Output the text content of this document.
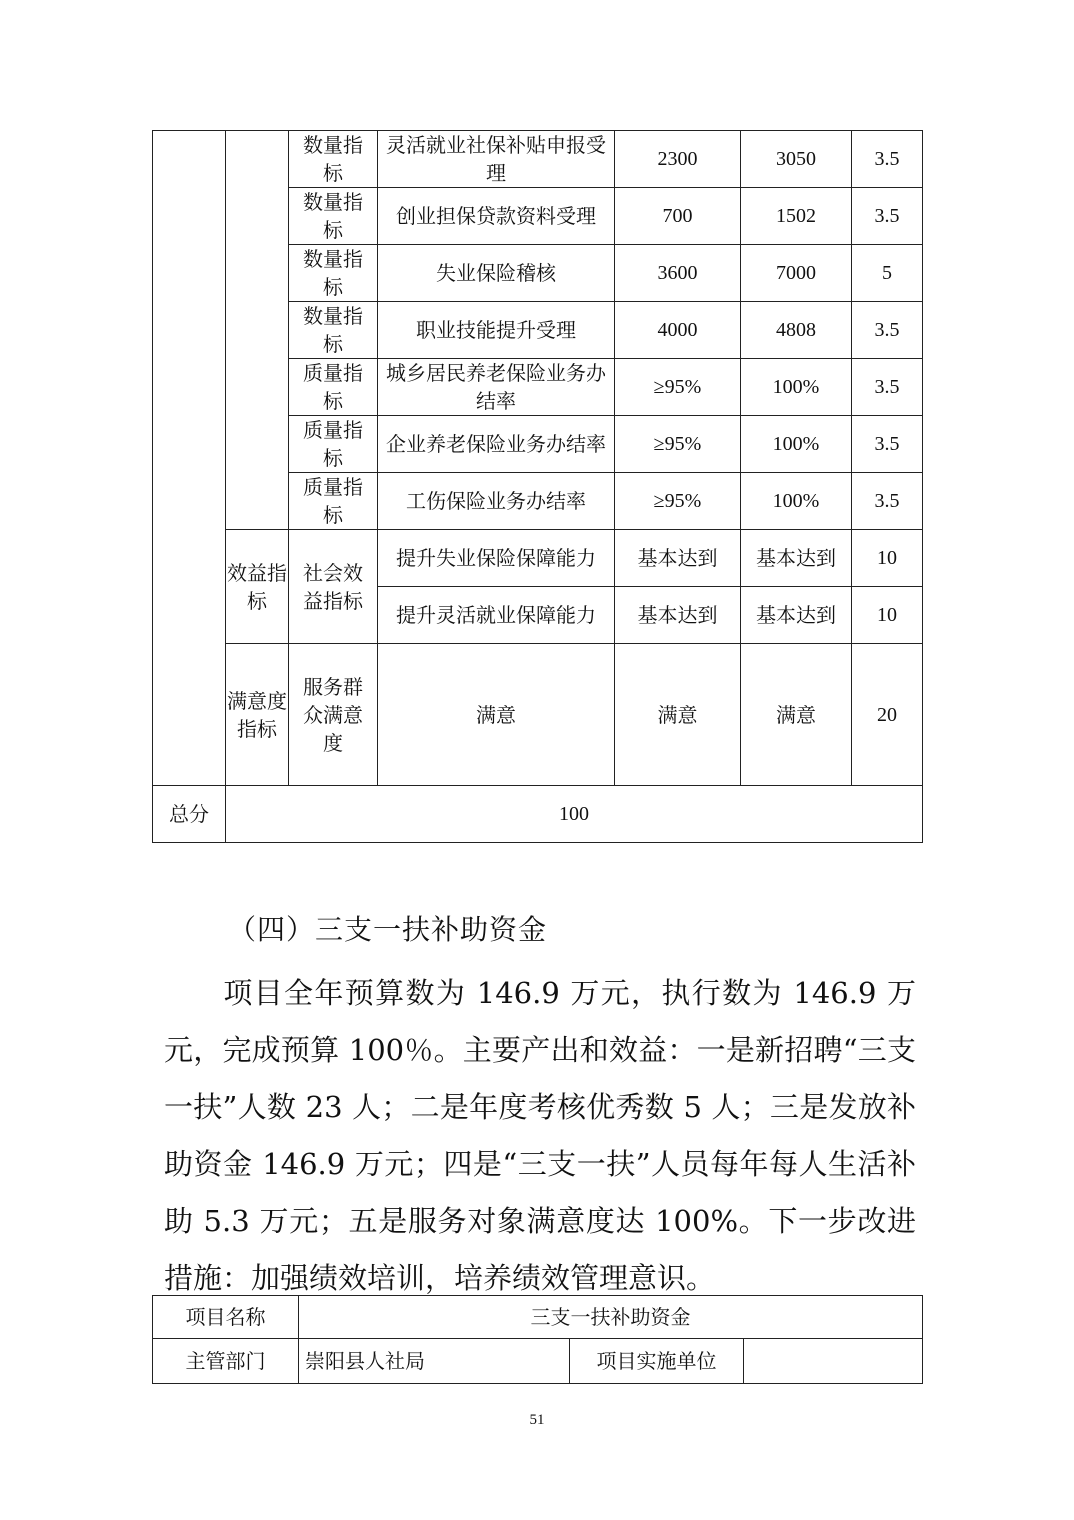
		数量指标	灵活就业社保补贴申报受理	2300	3050	3.5
		数量指标	创业担保贷款资料受理	700	1502	3.5
		数量指标	失业保险稽核	3600	7000	5
		数量指标	职业技能提升受理	4000	4808	3.5
		质量指标	城乡居民养老保险业务办结率	≥95%	100%	3.5
		质量指标	企业养老保险业务办结率	≥95%	100%	3.5
		质量指标	工伤保险业务办结率	≥95%	100%	3.5
	效益指标	社会效益指标	提升失业保险保障能力	基本达到	基本达到	10
			提升灵活就业保障能力	基本达到	基本达到	10
	满意度指标	服务群众满意度	满意	满意	满意	20
总分	100					
（四）三支一扶补助资金
项目全年预算数为 146.9 万元，执行数为 146.9 万元，完成预算 100％。主要产出和效益：一是新招聘“三支一扶”人数 23 人；二是年度考核优秀数 5 人；三是发放补助资金 146.9 万元；四是“三支一扶”人员每年每人生活补助 5.3 万元；五是服务对象满意度达 100%。下一步改进措施：加强绩效培训，培养绩效管理意识。
项目名称	三支一扶补助资金		
主管部门	崇阳县人社局	项目实施单位	
51
